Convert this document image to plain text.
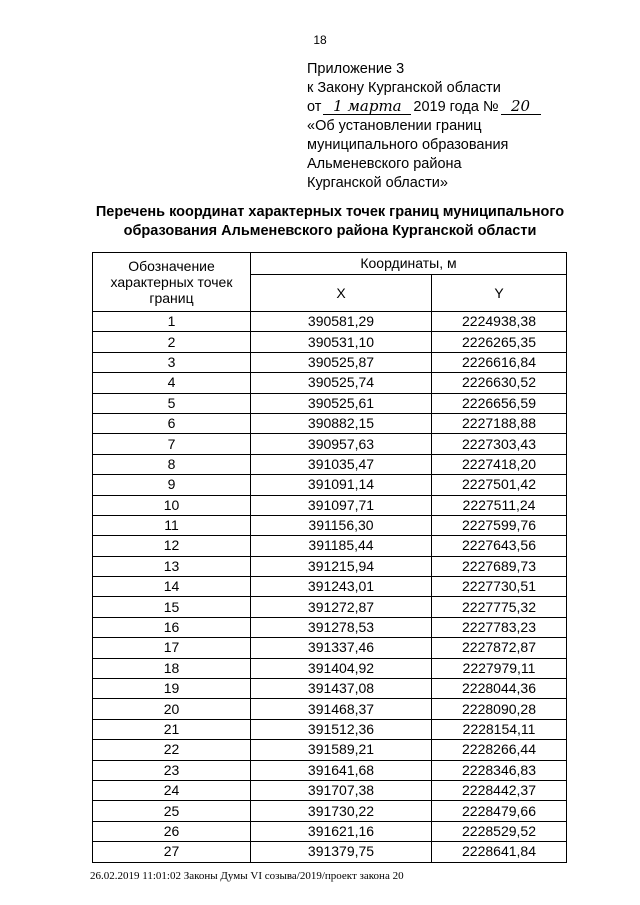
18
Приложение 3
к Закону Курганской области
от 1 марта 2019 года № 20
«Об установлении границ
муниципального образования
Альменевского района
Курганской области»
Перечень координат характерных точек границ муниципального
образования Альменевского района Курганской области
Обозначение характерных точек границ	Координаты, м	
	X	Y
1	390581,29	2224938,38
2	390531,10	2226265,35
3	390525,87	2226616,84
4	390525,74	2226630,52
5	390525,61	2226656,59
6	390882,15	2227188,88
7	390957,63	2227303,43
8	391035,47	2227418,20
9	391091,14	2227501,42
10	391097,71	2227511,24
11	391156,30	2227599,76
12	391185,44	2227643,56
13	391215,94	2227689,73
14	391243,01	2227730,51
15	391272,87	2227775,32
16	391278,53	2227783,23
17	391337,46	2227872,87
18	391404,92	2227979,11
19	391437,08	2228044,36
20	391468,37	2228090,28
21	391512,36	2228154,11
22	391589,21	2228266,44
23	391641,68	2228346,83
24	391707,38	2228442,37
25	391730,22	2228479,66
26	391621,16	2228529,52
27	391379,75	2228641,84
26.02.2019 11:01:02 Законы Думы VI созыва/2019/проект закона 20
